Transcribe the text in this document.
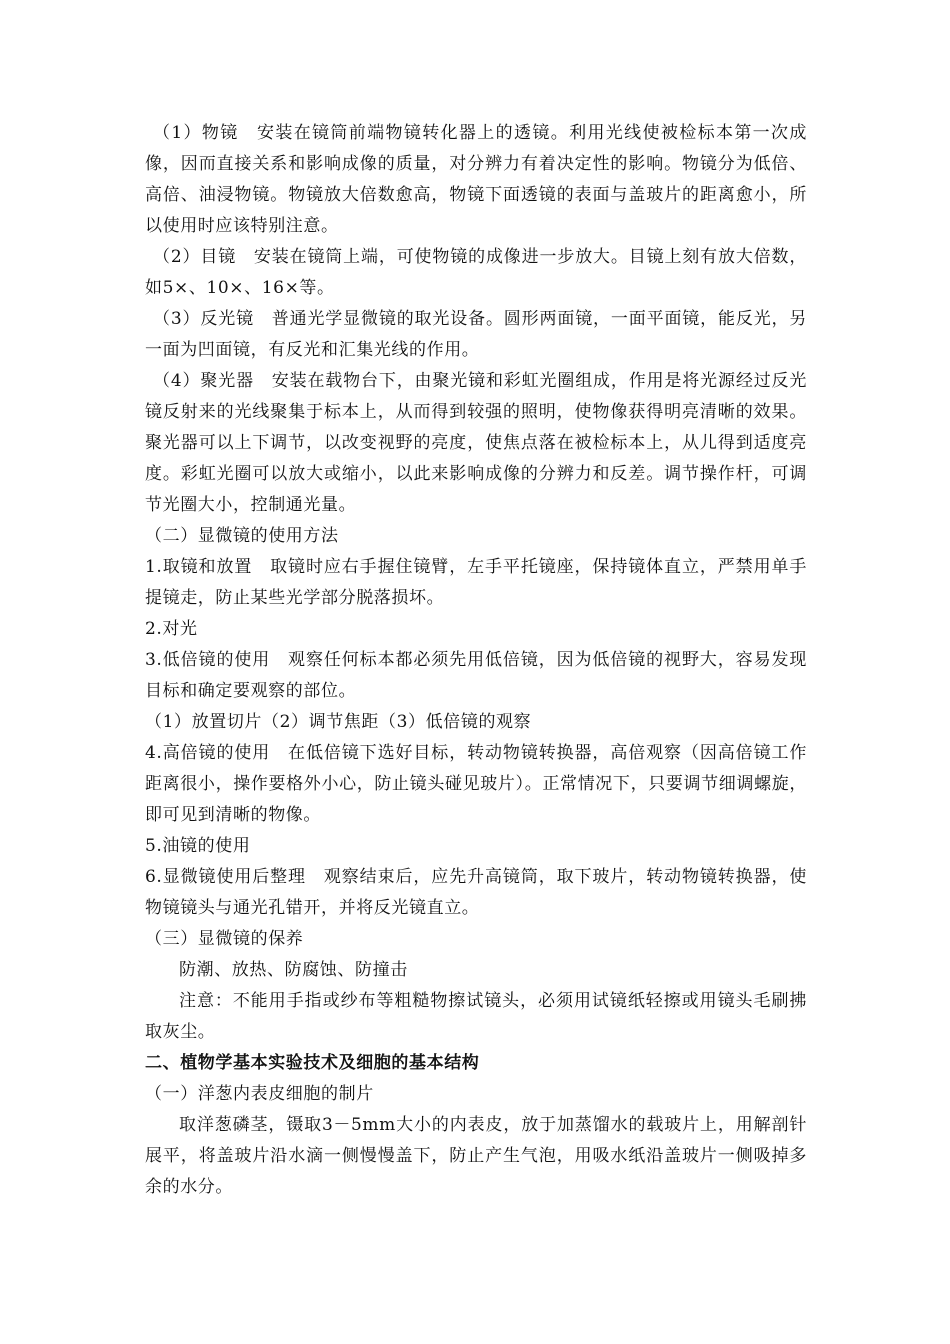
（1）物镜　安装在镜筒前端物镜转化器上的透镜。利用光线使被检标本第一次成像，因而直接关系和影响成像的质量，对分辨力有着决定性的影响。物镜分为低倍、高倍、油浸物镜。物镜放大倍数愈高，物镜下面透镜的表面与盖玻片的距离愈小，所以使用时应该特别注意。

（2）目镜　安装在镜筒上端，可使物镜的成像进一步放大。目镜上刻有放大倍数，如5×、10×、16×等。

（3）反光镜　普通光学显微镜的取光设备。圆形两面镜，一面平面镜，能反光，另一面为凹面镜，有反光和汇集光线的作用。

（4）聚光器　安装在载物台下，由聚光镜和彩虹光圈组成，作用是将光源经过反光镜反射来的光线聚集于标本上，从而得到较强的照明，使物像获得明亮清晰的效果。聚光器可以上下调节，以改变视野的亮度，使焦点落在被检标本上，从儿得到适度亮度。彩虹光圈可以放大或缩小，以此来影响成像的分辨力和反差。调节操作杆，可调节光圈大小，控制通光量。

（二）显微镜的使用方法

1.取镜和放置　取镜时应右手握住镜臂，左手平托镜座，保持镜体直立，严禁用单手提镜走，防止某些光学部分脱落损坏。

2.对光

3.低倍镜的使用　观察任何标本都必须先用低倍镜，因为低倍镜的视野大，容易发现目标和确定要观察的部位。

（1）放置切片（2）调节焦距（3）低倍镜的观察

4.高倍镜的使用　在低倍镜下选好目标，转动物镜转换器，高倍观察（因高倍镜工作距离很小，操作要格外小心，防止镜头碰见玻片）。正常情况下，只要调节细调螺旋，即可见到清晰的物像。

5.油镜的使用

6.显微镜使用后整理　观察结束后，应先升高镜筒，取下玻片，转动物镜转换器，使物镜镜头与通光孔错开，并将反光镜直立。

（三）显微镜的保养

防潮、放热、防腐蚀、防撞击

注意：不能用手指或纱布等粗糙物擦试镜头，必须用试镜纸轻擦或用镜头毛刷拂取灰尘。

二、植物学基本实验技术及细胞的基本结构

（一）洋葱内表皮细胞的制片

取洋葱磷茎，镊取3－5mm大小的内表皮，放于加蒸馏水的载玻片上，用解剖针展平，将盖玻片沿水滴一侧慢慢盖下，防止产生气泡，用吸水纸沿盖玻片一侧吸掉多余的水分。
